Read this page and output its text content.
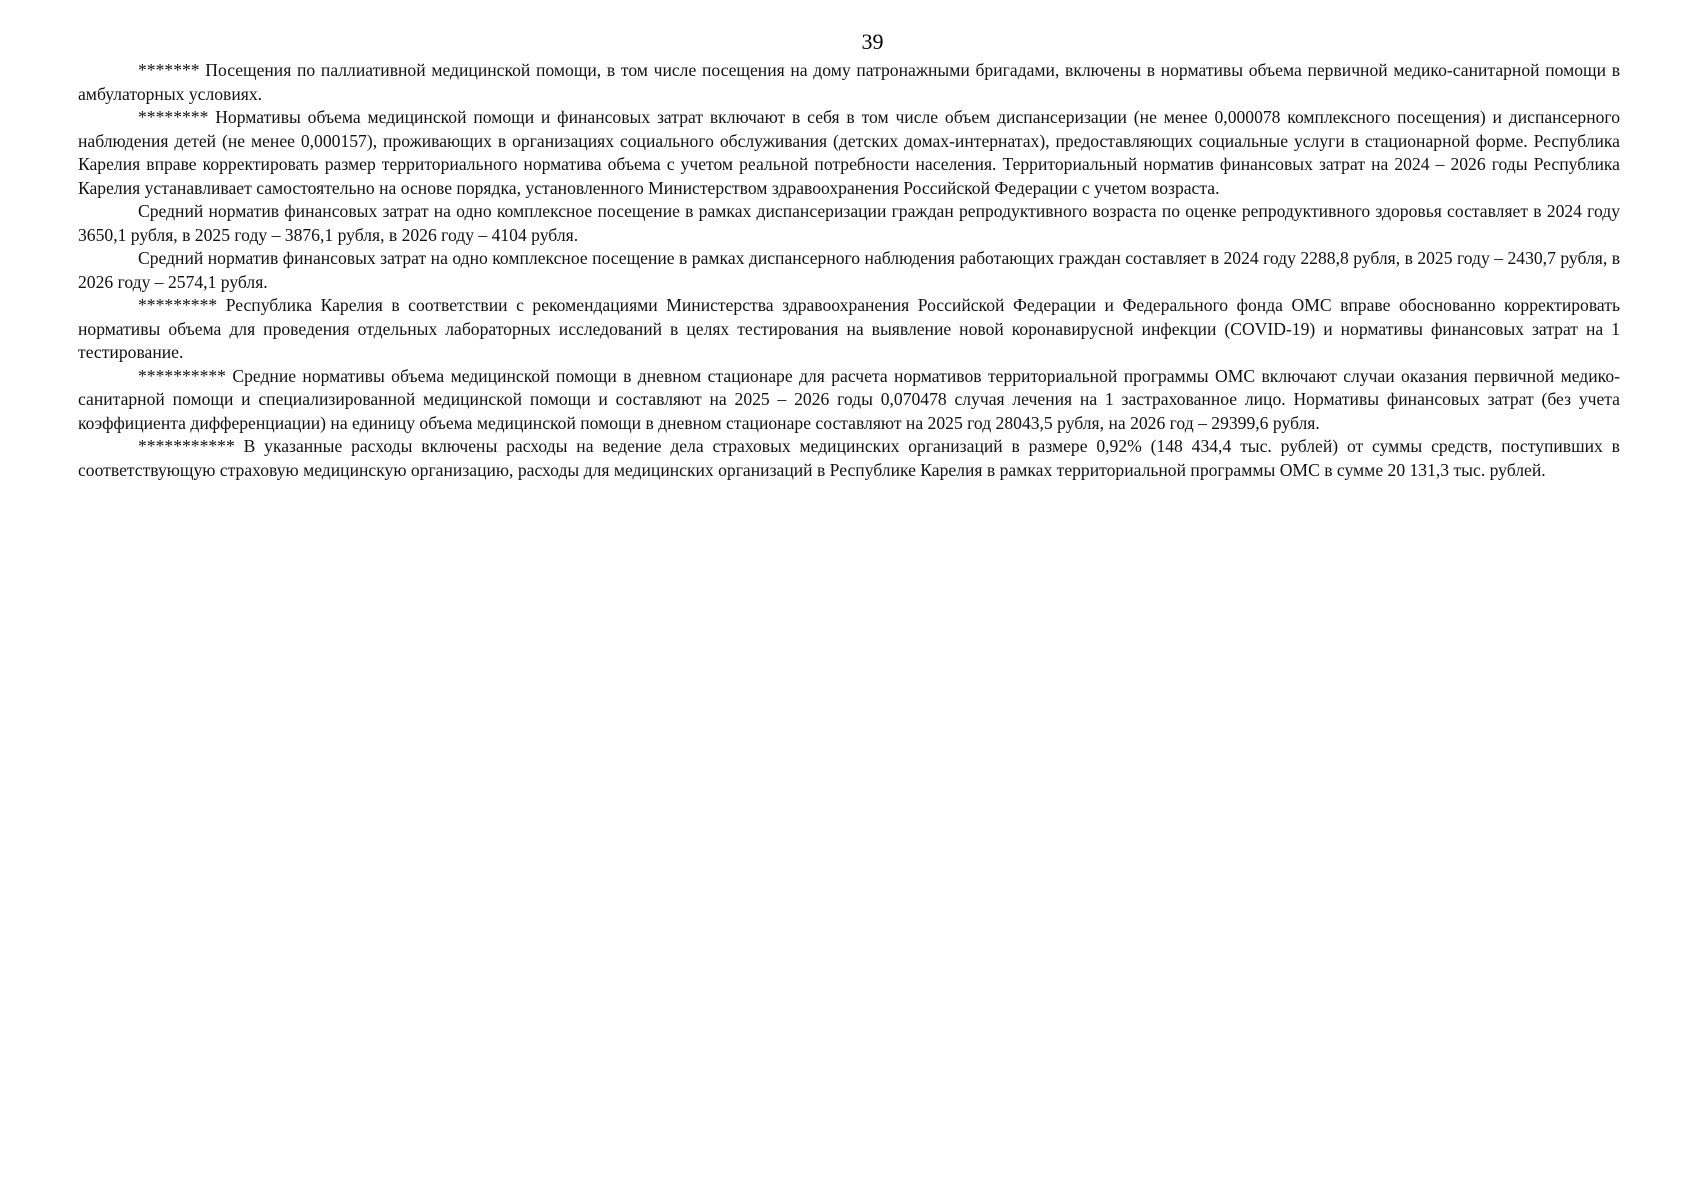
39

******* Посещения по паллиативной медицинской помощи, в том числе посещения на дому патронажными бригадами, включены в нормативы объема первичной медико-санитарной помощи в амбулаторных условиях.

******** Нормативы объема медицинской помощи и финансовых затрат включают в себя в том числе объем диспансеризации (не менее 0,000078 комплексного посещения) и диспансерного наблюдения детей (не менее 0,000157), проживающих в организациях социального обслуживания (детских домах-интернатах), предоставляющих социальные услуги в стационарной форме. Республика Карелия вправе корректировать размер территориального норматива объема с учетом реальной потребности населения. Территориальный норматив финансовых затрат на 2024 – 2026 годы Республика Карелия устанавливает самостоятельно на основе порядка, установленного Министерством здравоохранения Российской Федерации с учетом возраста.

Средний норматив финансовых затрат на одно комплексное посещение в рамках диспансеризации граждан репродуктивного возраста по оценке репродуктивного здоровья составляет в 2024 году 3650,1 рубля, в 2025 году – 3876,1 рубля, в 2026 году – 4104 рубля.

Средний норматив финансовых затрат на одно комплексное посещение в рамках диспансерного наблюдения работающих граждан составляет в 2024 году 2288,8 рубля, в 2025 году – 2430,7 рубля, в 2026 году – 2574,1 рубля.

********* Республика Карелия в соответствии с рекомендациями Министерства здравоохранения Российской Федерации и Федерального фонда ОМС вправе обоснованно корректировать нормативы объема для проведения отдельных лабораторных исследований в целях тестирования на выявление новой коронавирусной инфекции (COVID-19) и нормативы финансовых затрат на 1 тестирование.

********** Средние нормативы объема медицинской помощи в дневном стационаре для расчета нормативов территориальной программы ОМС включают случаи оказания первичной медико-санитарной помощи и специализированной медицинской помощи и составляют на 2025 – 2026 годы 0,070478 случая лечения на 1 застрахованное лицо. Нормативы финансовых затрат (без учета коэффициента дифференциации) на единицу объема медицинской помощи в дневном стационаре составляют на 2025 год 28043,5 рубля, на 2026 год – 29399,6 рубля.

*********** В указанные расходы включены расходы на ведение дела страховых медицинских организаций в размере 0,92% (148 434,4 тыс. рублей) от суммы средств, поступивших в соответствующую страховую медицинскую организацию, расходы для медицинских организаций в Республике Карелия в рамках территориальной программы ОМС в сумме 20 131,3 тыс. рублей.
